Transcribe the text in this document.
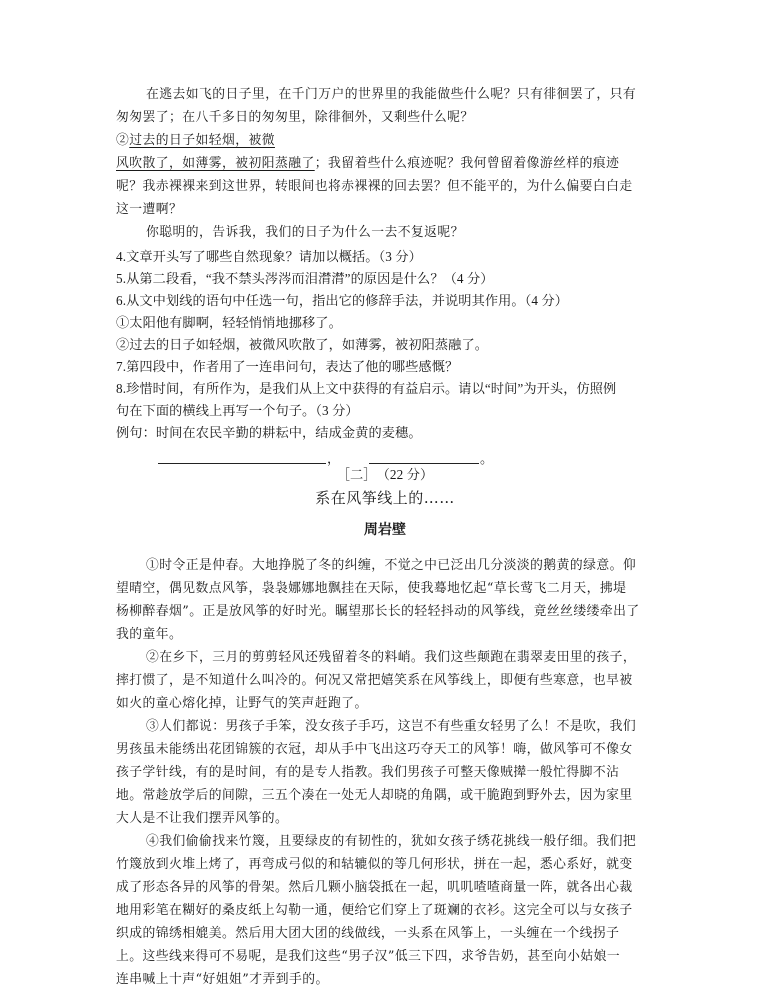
在逃去如飞的日子里，在千门万户的世界里的我能做些什么呢？只有徘徊罢了，只有
匆匆罢了；在八千多日的匆匆里，除徘徊外，又剩些什么呢？
②过去的日子如轻烟，被微
风吹散了，如薄雾，被初阳蒸融了；我留着些什么痕迹呢？我何曾留着像游丝样的痕迹
呢？我赤裸裸来到这世界，转眼间也将赤裸裸的回去罢？但不能平的，为什么偏要白白走
这一遭啊？
你聪明的，告诉我，我们的日子为什么一去不复返呢？
4.文章开头写了哪些自然现象？请加以概括。（3 分）
5.从第二段看，“我不禁头涔涔而泪潸潸”的原因是什么？（4 分）
6.从文中划线的语句中任选一句，指出它的修辞手法，并说明其作用。（4 分）
①太阳他有脚啊，轻轻悄悄地挪移了。
②过去的日子如轻烟，被微风吹散了，如薄雾，被初阳蒸融了。
7.第四段中，作者用了一连串问句，表达了他的哪些感慨？
8.珍惜时间，有所作为，是我们从上文中获得的有益启示。请以“时间”为开头，仿照例
句在下面的横线上再写一个句子。（3 分）
例句：时间在农民辛勤的耕耘中，结成金黄的麦穗。
，	。
［二］　（22 分）
系在风筝线上的……
周岩壁
①时令正是仲春。大地挣脱了冬的纠缠，不觉之中已泛出几分淡淡的鹅黄的绿意。仰
望晴空，偶见数点风筝，袅袅娜娜地飘挂在天际，使我蓦地忆起“草长莺飞二月天，拂堤
杨柳醉春烟”。正是放风筝的好时光。瞩望那长长的轻轻抖动的风筝线，竟丝丝缕缕牵出了
我的童年。
②在乡下，三月的剪剪轻风还残留着冬的料峭。我们这些颠跑在翡翠麦田里的孩子，
摔打惯了，是不知道什么叫冷的。何况又常把嬉笑系在风筝线上，即便有些寒意，也早被
如火的童心熔化掉，让野气的笑声赶跑了。
③人们都说：男孩子手笨，没女孩子手巧，这岂不有些重女轻男了么！不是吹，我们
男孩虽未能绣出花团锦簇的衣冠，却从手中飞出这巧夺天工的风筝！嗨，做风筝可不像女
孩子学针线，有的是时间，有的是专人指教。我们男孩子可整天像贼撵一般忙得脚不沾
地。常趁放学后的间隙，三五个凑在一处无人却晓的角隅，或干脆跑到野外去，因为家里
大人是不让我们摆弄风筝的。
④我们偷偷找来竹篾，且要绿皮的有韧性的，犹如女孩子绣花挑线一般仔细。我们把
竹篾放到火堆上烤了，再弯成弓似的和轱辘似的等几何形状，拼在一起，悉心系好，就变
成了形态各异的风筝的骨架。然后几颗小脑袋抵在一起，叽叽喳喳商量一阵，就各出心裁
地用彩笔在糊好的桑皮纸上勾勒一通，便给它们穿上了斑斓的衣衫。这完全可以与女孩子
织成的锦绣相媲美。然后用大团大团的线做线，一头系在风筝上，一头缠在一个线拐子
上。这些线来得可不易呢，是我们这些“男子汉”低三下四，求爷告奶，甚至向小姑娘一
连串喊上十声“好姐姐”才弄到手的。
